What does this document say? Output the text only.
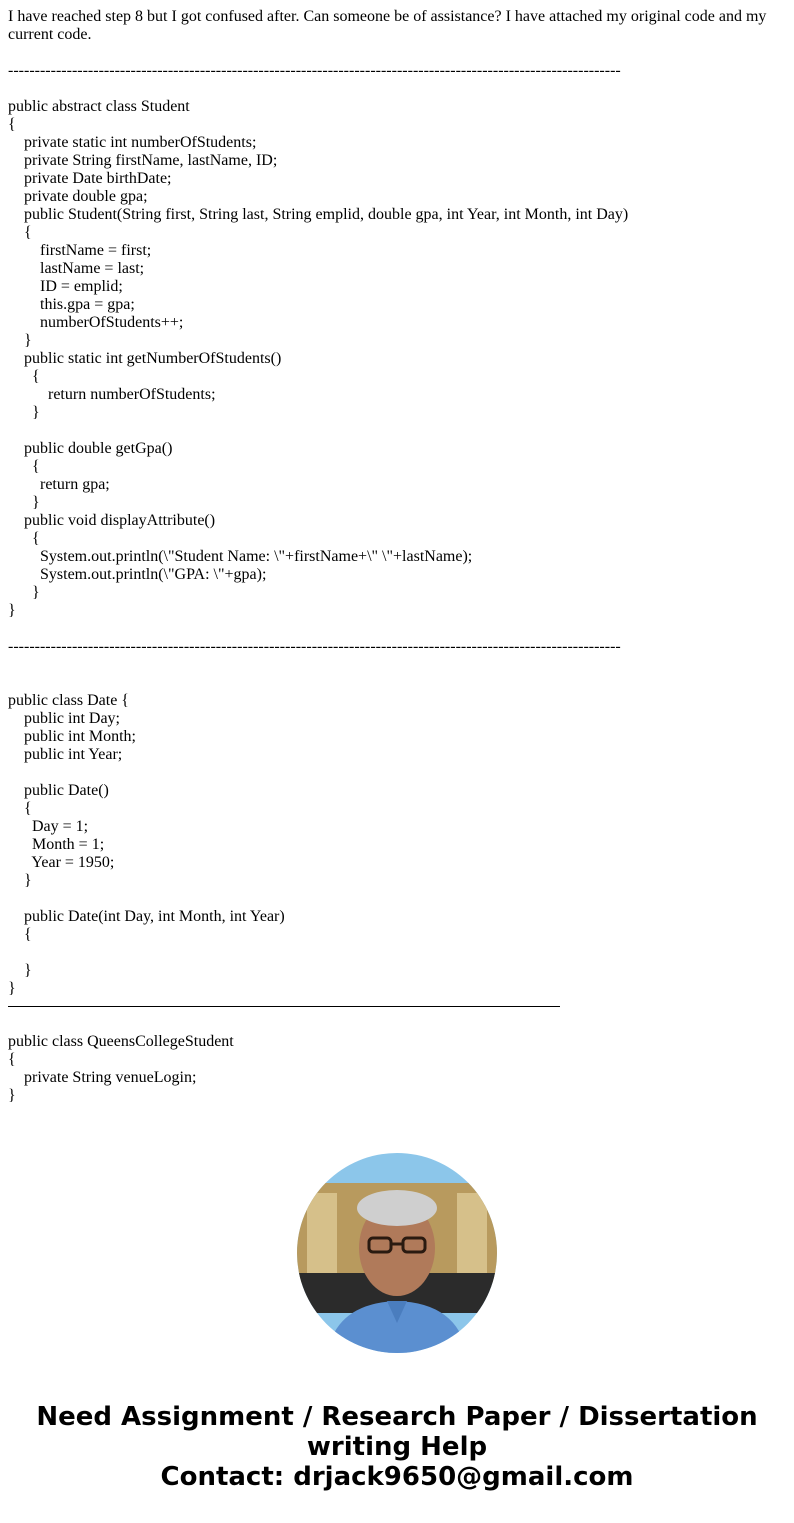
I have reached step 8 but I got confused after. Can someone be of assistance? I have attached my original code and my current code.

-------------------------------------------------------------------------------------------------------------------
public abstract class Student
{
private static int numberOfStudents;
private String firstName, lastName, ID;
private Date birthDate;
private double gpa;
public Student(String first, String last, String emplid, double gpa, int Year, int Month, int Day)
{
firstName = first;
lastName = last;
ID = emplid;
this.gpa = gpa;
numberOfStudents++;
}
public static int getNumberOfStudents()
{
return numberOfStudents;
}

public double getGpa()
{
return gpa;
}
public void displayAttribute()
{
System.out.println(\"Student Name: \"+firstName+\" \"+lastName);
System.out.println(\"GPA: \"+gpa);
}
}
-------------------------------------------------------------------------------------------------------------------
public class Date {
public int Day;
public int Month;
public int Year;

public Date()
{
Day = 1;
Month = 1;
Year = 1950;
}

public Date(int Day, int Month, int Year)
{

}
}
public class QueensCollegeStudent
{
private String venueLogin;
}
Need Assignment / Research Paper / Dissertation writing Help
Contact: drjack9650@gmail.com
